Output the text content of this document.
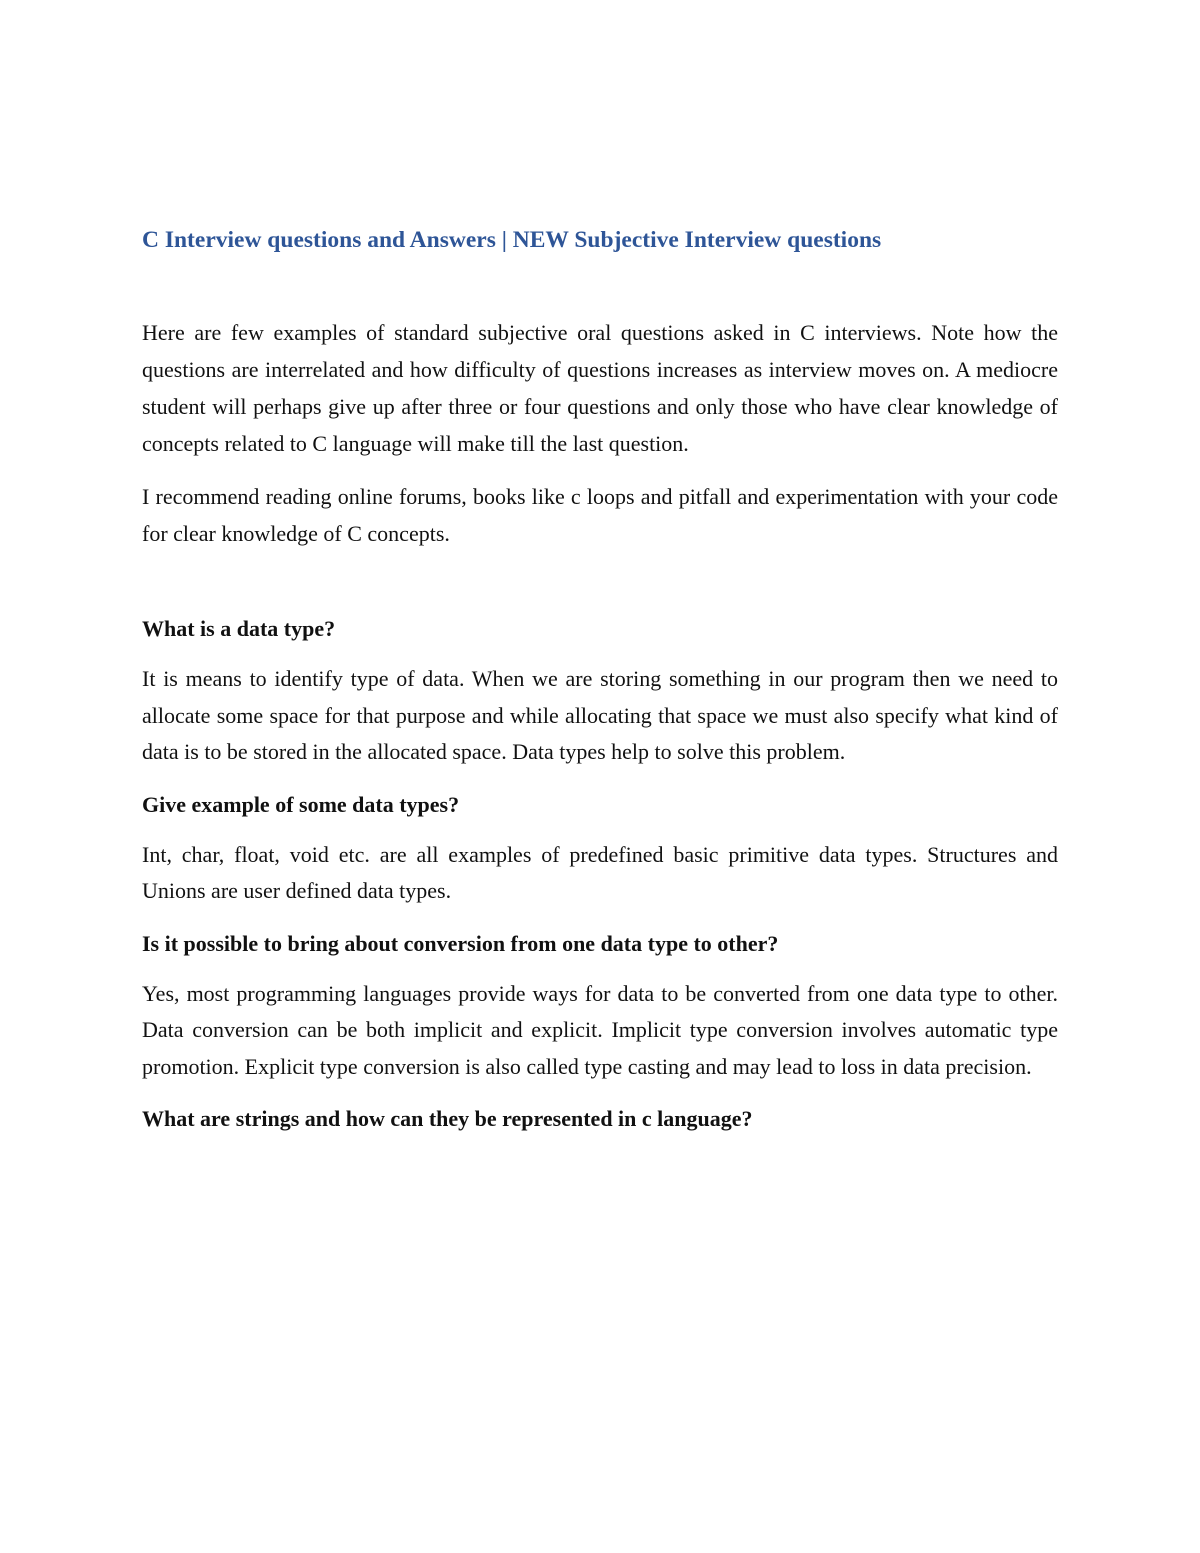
C Interview questions and Answers | NEW Subjective Interview questions

Here are few examples of standard subjective oral questions asked in C interviews. Note how the questions are interrelated and how difficulty of questions increases as interview moves on. A mediocre student will perhaps give up after three or four questions and only those who have clear knowledge of concepts related to C language will make till the last question.

I recommend reading online forums, books like c loops and pitfall and experimentation with your code for clear knowledge of C concepts.

What is a data type?

It is means to identify type of data. When we are storing something in our program then we need to allocate some space for that purpose and while allocating that space we must also specify what kind of data is to be stored in the allocated space. Data types help to solve this problem.

Give example of some data types?

Int, char, float, void etc. are all examples of predefined basic primitive data types. Structures and Unions are user defined data types.

Is it possible to bring about conversion from one data type to other?

Yes, most programming languages provide ways for data to be converted from one data type to other. Data conversion can be both implicit and explicit. Implicit type conversion involves automatic type promotion. Explicit type conversion is also called type casting and may lead to loss in data precision.

What are strings and how can they be represented in c language?
